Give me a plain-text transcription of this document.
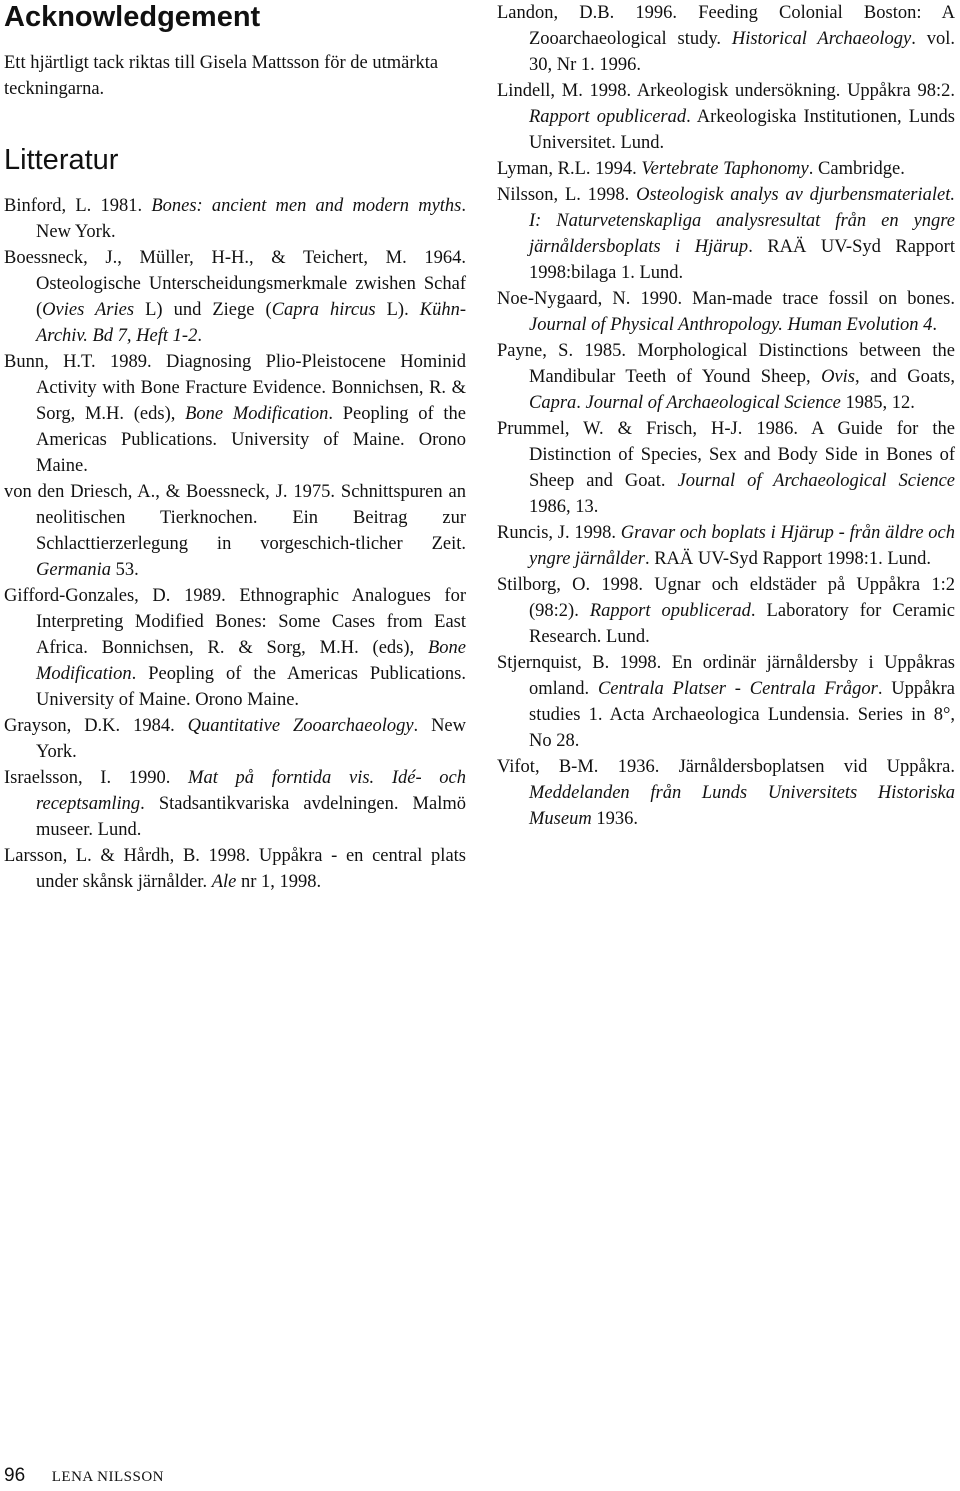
Acknowledgement

Ett hjärtligt tack riktas till Gisela Mattsson för de utmärkta teckningarna.

Litteratur
Binford, L. 1981. Bones: ancient men and modern myths. New York.
Boessneck, J., Müller, H-H., & Teichert, M. 1964. Osteologische Unterscheidungsmerkmale zwishen Schaf (Ovies Aries L) und Ziege (Capra hircus L). Kühn-Archiv. Bd 7, Heft 1-2.
Bunn, H.T. 1989. Diagnosing Plio-Pleistocene Hominid Activity with Bone Fracture Evidence. Bonnichsen, R. & Sorg, M.H. (eds), Bone Modification. Peopling of the Americas Publications. University of Maine. Orono Maine.
von den Driesch, A., & Boessneck, J. 1975. Schnittspuren an neolitischen Tierknochen. Ein Beitrag zur Schlacttierzerlegung in vorgeschich-tlicher Zeit. Germania 53.
Gifford-Gonzales, D. 1989. Ethnographic Analogues for Interpreting Modified Bones: Some Cases from East Africa. Bonnichsen, R. & Sorg, M.H. (eds), Bone Modification. Peopling of the Americas Publications. University of Maine. Orono Maine.
Grayson, D.K. 1984. Quantitative Zooarchaeology. New York.
Israelsson, I. 1990. Mat på forntida vis. Idé- och receptsamling. Stadsantikvariska avdelningen. Malmö museer. Lund.
Larsson, L. & Hårdh, B. 1998. Uppåkra - en central plats under skånsk järnålder. Ale nr 1, 1998.
Landon, D.B. 1996. Feeding Colonial Boston: A Zooarchaeological study. Historical Archaeology. vol. 30, Nr 1. 1996.
Lindell, M. 1998. Arkeologisk undersökning. Uppåkra 98:2. Rapport opublicerad. Arkeologiska Institutionen, Lunds Universitet. Lund.
Lyman, R.L. 1994. Vertebrate Taphonomy. Cambridge.
Nilsson, L. 1998. Osteologisk analys av djurbensmaterialet. I: Naturvetenskapliga analysresultat från en yngre järnåldersboplats i Hjärup. RAÄ UV-Syd Rapport 1998:bilaga 1. Lund.
Noe-Nygaard, N. 1990. Man-made trace fossil on bones. Journal of Physical Anthropology. Human Evolution 4.
Payne, S. 1985. Morphological Distinctions between the Mandibular Teeth of Yound Sheep, Ovis, and Goats, Capra. Journal of Archaeological Science 1985, 12.
Prummel, W. & Frisch, H-J. 1986. A Guide for the Distinction of Species, Sex and Body Side in Bones of Sheep and Goat. Journal of Archaeological Science 1986, 13.
Runcis, J. 1998. Gravar och boplats i Hjärup - från äldre och yngre järnålder. RAÄ UV-Syd Rapport 1998:1. Lund.
Stilborg, O. 1998. Ugnar och eldstäder på Uppåkra 1:2 (98:2). Rapport opublicerad. Laboratory for Ceramic Research. Lund.
Stjernquist, B. 1998. En ordinär järnåldersby i Uppåkras omland. Centrala Platser - Centrala Frågor. Uppåkra studies 1. Acta Archaeologica Lundensia. Series in 8°, No 28.
Vifot, B-M. 1936. Järnåldersboplatsen vid Uppåkra. Meddelanden från Lunds Universitets Historiska Museum 1936.
96 LENA NILSSON
